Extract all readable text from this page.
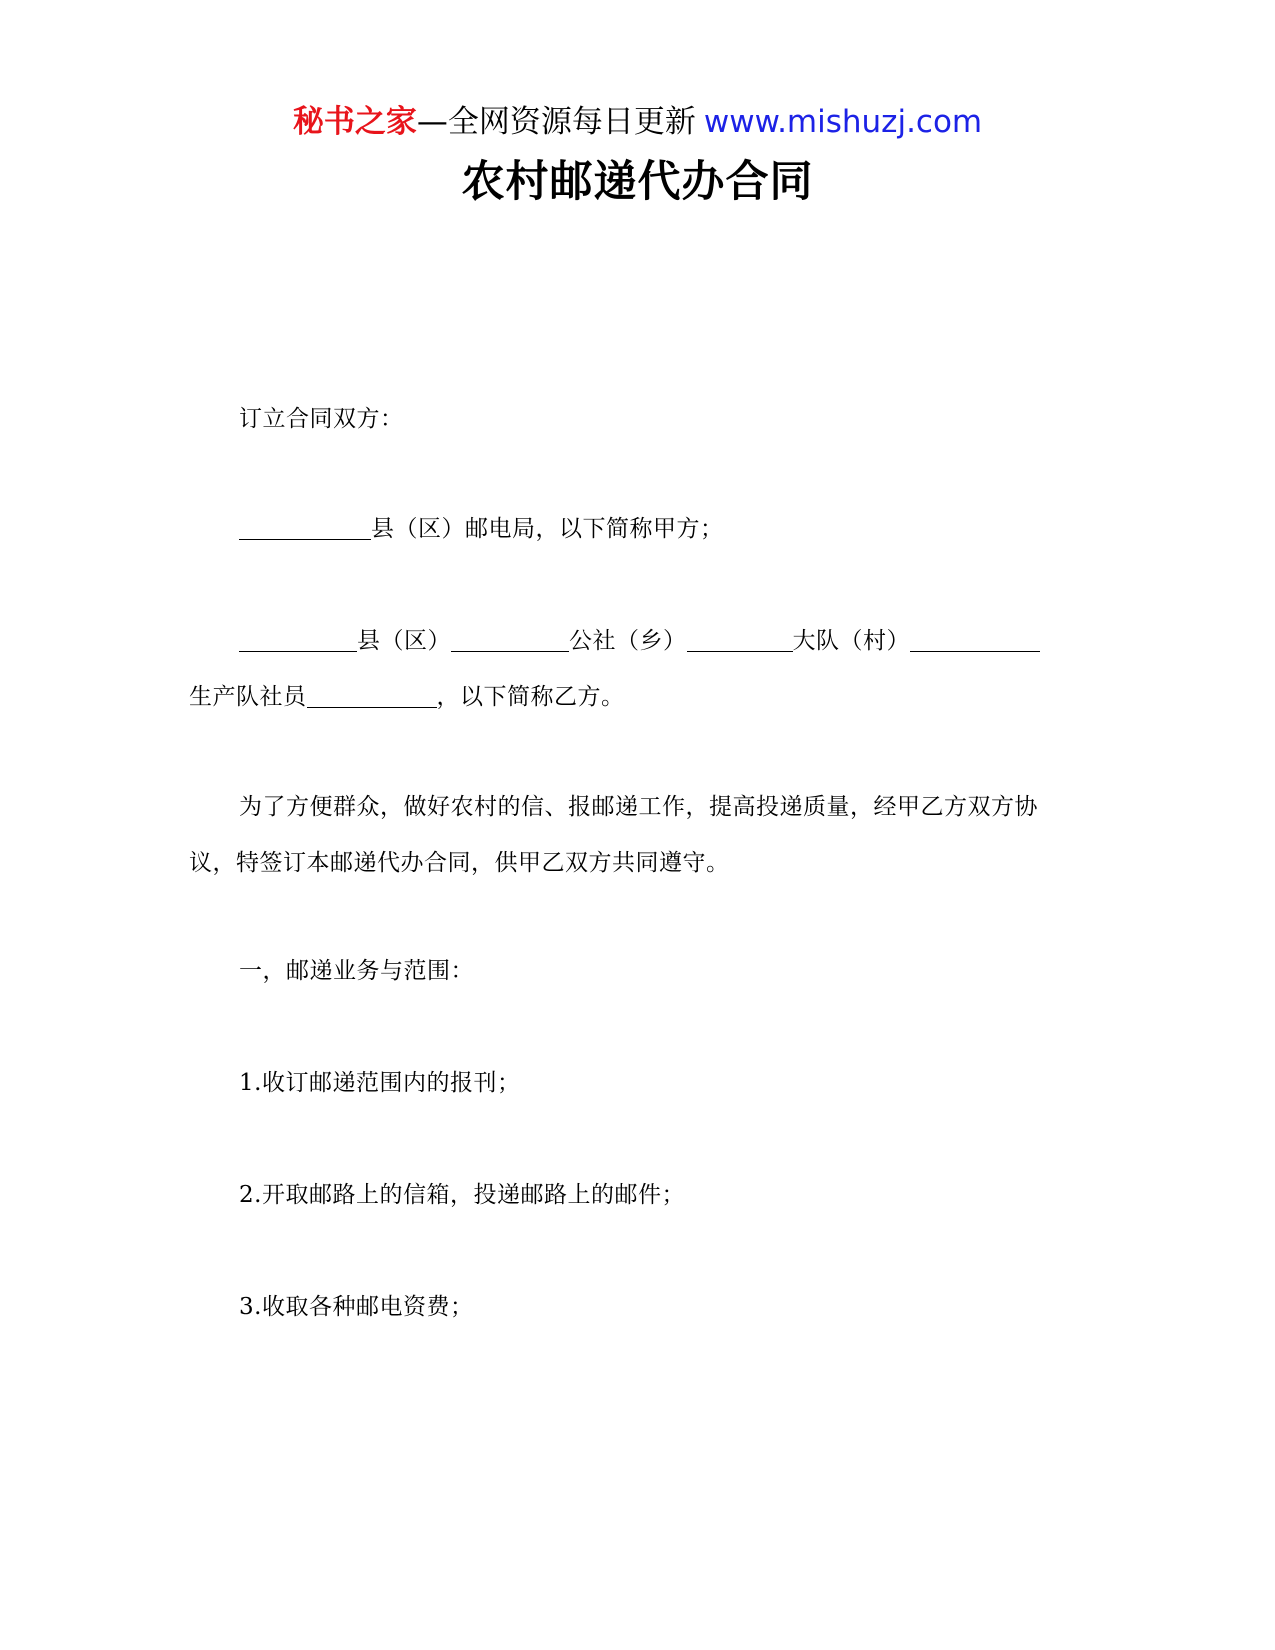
秘书之家—全网资源每日更新 www.mishuzj.com
农村邮递代办合同
订立合同双方：
县（区）邮电局，以下简称甲方；
县（区）	公社（乡）	大队（村）
生产队社员	，以下简称乙方。
为了方便群众，做好农村的信、报邮递工作，提高投递质量，经甲乙方双方协
议，特签订本邮递代办合同，供甲乙双方共同遵守。
一，邮递业务与范围：
1.收订邮递范围内的报刊；
2.开取邮路上的信箱，投递邮路上的邮件；
3.收取各种邮电资费；
